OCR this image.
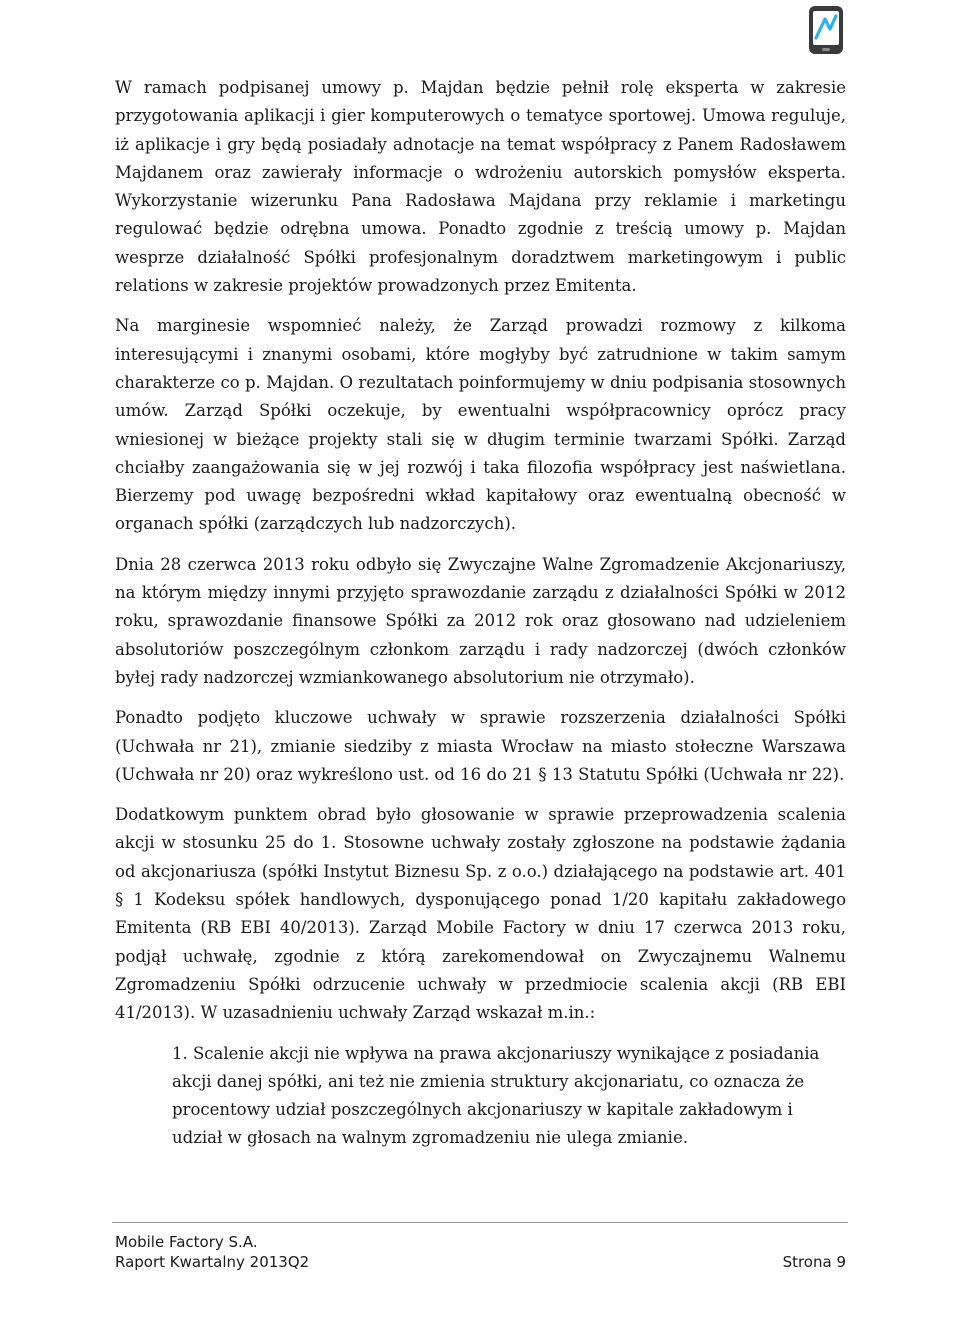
W ramach podpisanej umowy p. Majdan będzie pełnił rolę eksperta w zakresie przygotowania aplikacji i gier komputerowych o tematyce sportowej. Umowa reguluje, iż aplikacje i gry będą posiadały adnotacje na temat współpracy z Panem Radosławem Majdanem oraz zawierały informacje o wdrożeniu autorskich pomysłów eksperta. Wykorzystanie wizerunku Pana Radosława Majdana przy reklamie i marketingu regulować będzie odrębna umowa. Ponadto zgodnie z treścią umowy p. Majdan wesprze działalność Spółki profesjonalnym doradztwem marketingowym i public relations w zakresie projektów prowadzonych przez Emitenta.

Na marginesie wspomnieć należy, że Zarząd prowadzi rozmowy z kilkoma interesującymi i znanymi osobami, które mogłyby być zatrudnione w takim samym charakterze co p. Majdan. O rezultatach poinformujemy w dniu podpisania stosownych umów. Zarząd Spółki oczekuje, by ewentualni współpracownicy oprócz pracy wniesionej w bieżące projekty stali się w długim terminie twarzami Spółki. Zarząd chciałby zaangażowania się w jej rozwój i taka filozofia współpracy jest naświetlana. Bierzemy pod uwagę bezpośredni wkład kapitałowy oraz ewentualną obecność w organach spółki (zarządczych lub nadzorczych).

Dnia 28 czerwca 2013 roku odbyło się Zwyczajne Walne Zgromadzenie Akcjonariuszy, na którym między innymi przyjęto sprawozdanie zarządu z działalności Spółki w 2012 roku, sprawozdanie finansowe Spółki za 2012 rok oraz głosowano nad udzieleniem absolutoriów poszczególnym członkom zarządu i rady nadzorczej (dwóch członków byłej rady nadzorczej wzmiankowanego absolutorium nie otrzymało).

Ponadto podjęto kluczowe uchwały w sprawie rozszerzenia działalności Spółki (Uchwała nr 21), zmianie siedziby z miasta Wrocław na miasto stołeczne Warszawa (Uchwała nr 20) oraz wykreślono ust. od 16 do 21 § 13 Statutu Spółki (Uchwała nr 22).

Dodatkowym punktem obrad było głosowanie w sprawie przeprowadzenia scalenia akcji w stosunku 25 do 1. Stosowne uchwały zostały zgłoszone na podstawie żądania od akcjonariusza (spółki Instytut Biznesu Sp. z o.o.) działającego na podstawie art. 401 § 1 Kodeksu spółek handlowych, dysponującego ponad 1/20 kapitału zakładowego Emitenta (RB EBI 40/2013). Zarząd Mobile Factory w dniu 17 czerwca 2013 roku, podjął uchwałę, zgodnie z którą zarekomendował on Zwyczajnemu Walnemu Zgromadzeniu Spółki odrzucenie uchwały w przedmiocie scalenia akcji (RB EBI 41/2013). W uzasadnieniu uchwały Zarząd wskazał m.in.:

1. Scalenie akcji nie wpływa na prawa akcjonariuszy wynikające z posiadania akcji danej spółki, ani też nie zmienia struktury akcjonariatu, co oznacza że procentowy udział poszczególnych akcjonariuszy w kapitale zakładowym i udział w głosach na walnym zgromadzeniu nie ulega zmianie.
Mobile Factory S.A.
Raport Kwartalny 2013Q2	Strona 9
